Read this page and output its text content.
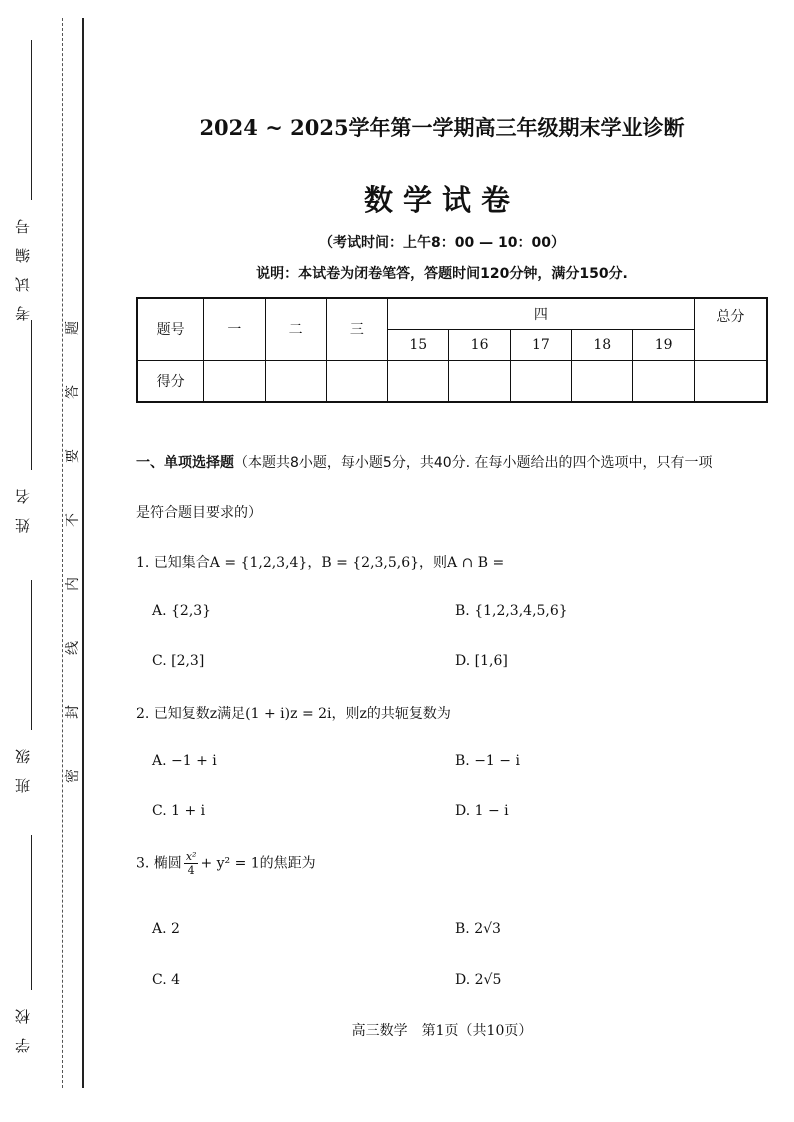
考试编号
姓名
班级
学校
题
答
要
不
内
线
封
密
2024 ~ 2025学年第一学期高三年级期末学业诊断
数学试卷
（考试时间：上午8：00 — 10：00）
说明：本试卷为闭卷笔答，答题时间120分钟，满分150分.
题号	一	二	三	四					总分
				15	16	17	18	19	
得分									
一、单项选择题（本题共8小题，每小题5分，共40分. 在每小题给出的四个选项中，只有一项
是符合题目要求的）
1. 已知集合A = {1,2,3,4}，B = {2,3,5,6}，则A ∩ B =
A. {2,3}	B. {1,2,3,4,5,6}
C. [2,3]	D. [1,6]
2. 已知复数z满足(1 + i)z = 2i，则z的共轭复数为
A. −1 + i	B. −1 − i
C. 1 + i	D. 1 − i
3. 椭圆 $\frac{\text{x²}}{4} + y^2 = 1$的焦距为
A. 2	B. 2√3
C. 4	D. 2√5
高三数学　第1页（共10页）
